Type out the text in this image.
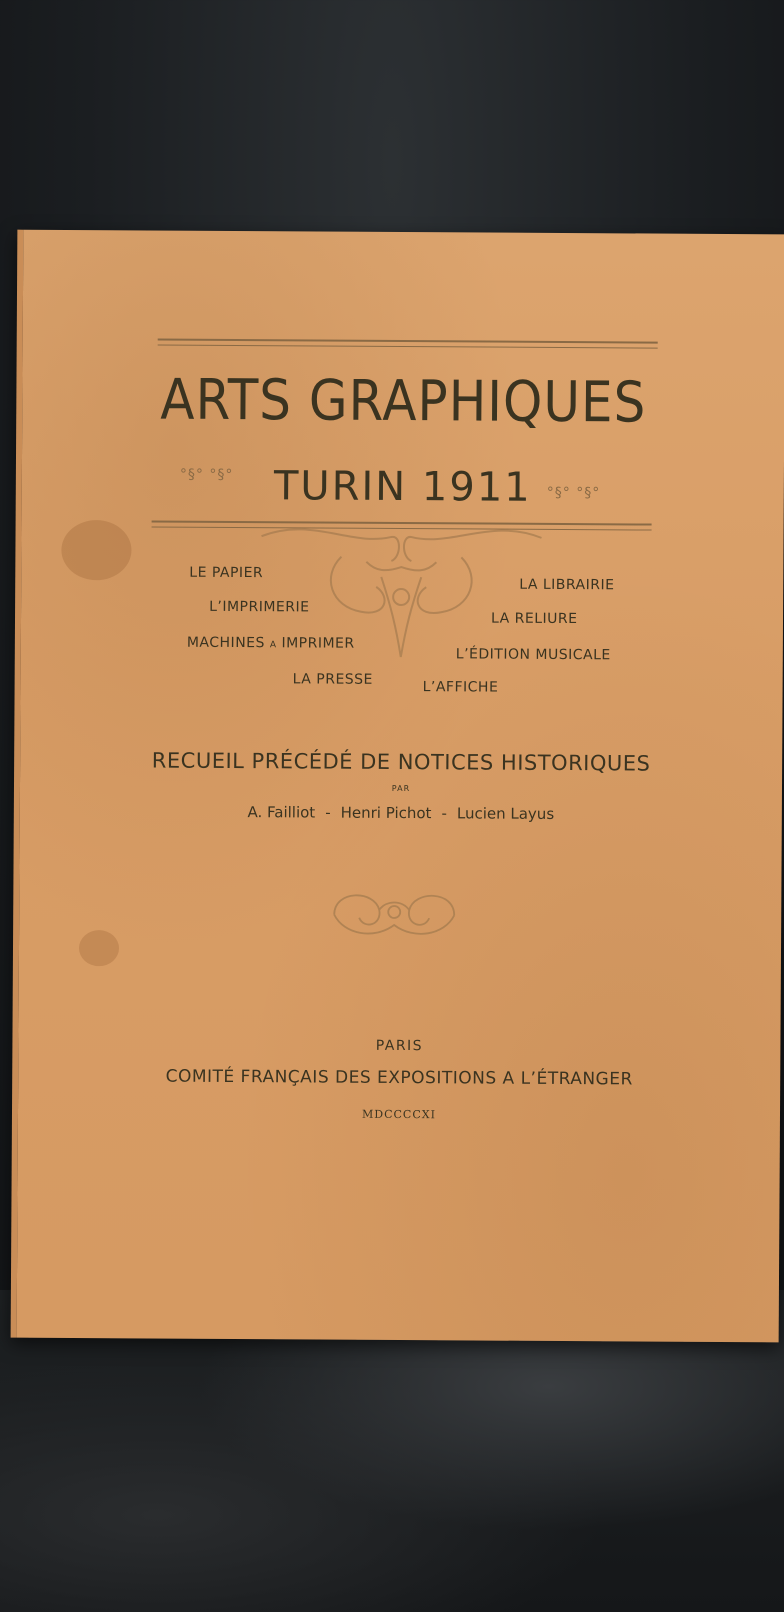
ARTS GRAPHIQUES
°§° °§°	TURIN 1911	°§° °§°
LE PAPIER
L’IMPRIMERIE
MACHINES A IMPRIMER
LA PRESSE
LA LIBRAIRIE
LA RELIURE
L’ÉDITION MUSICALE
L’AFFICHE
RECUEIL PRÉCÉDÉ DE NOTICES HISTORIQUES
PAR
A. Failliot - Henri Pichot - Lucien Layus
PARIS
COMITÉ FRANÇAIS DES EXPOSITIONS A L’ÉTRANGER
MDCCCCXI
